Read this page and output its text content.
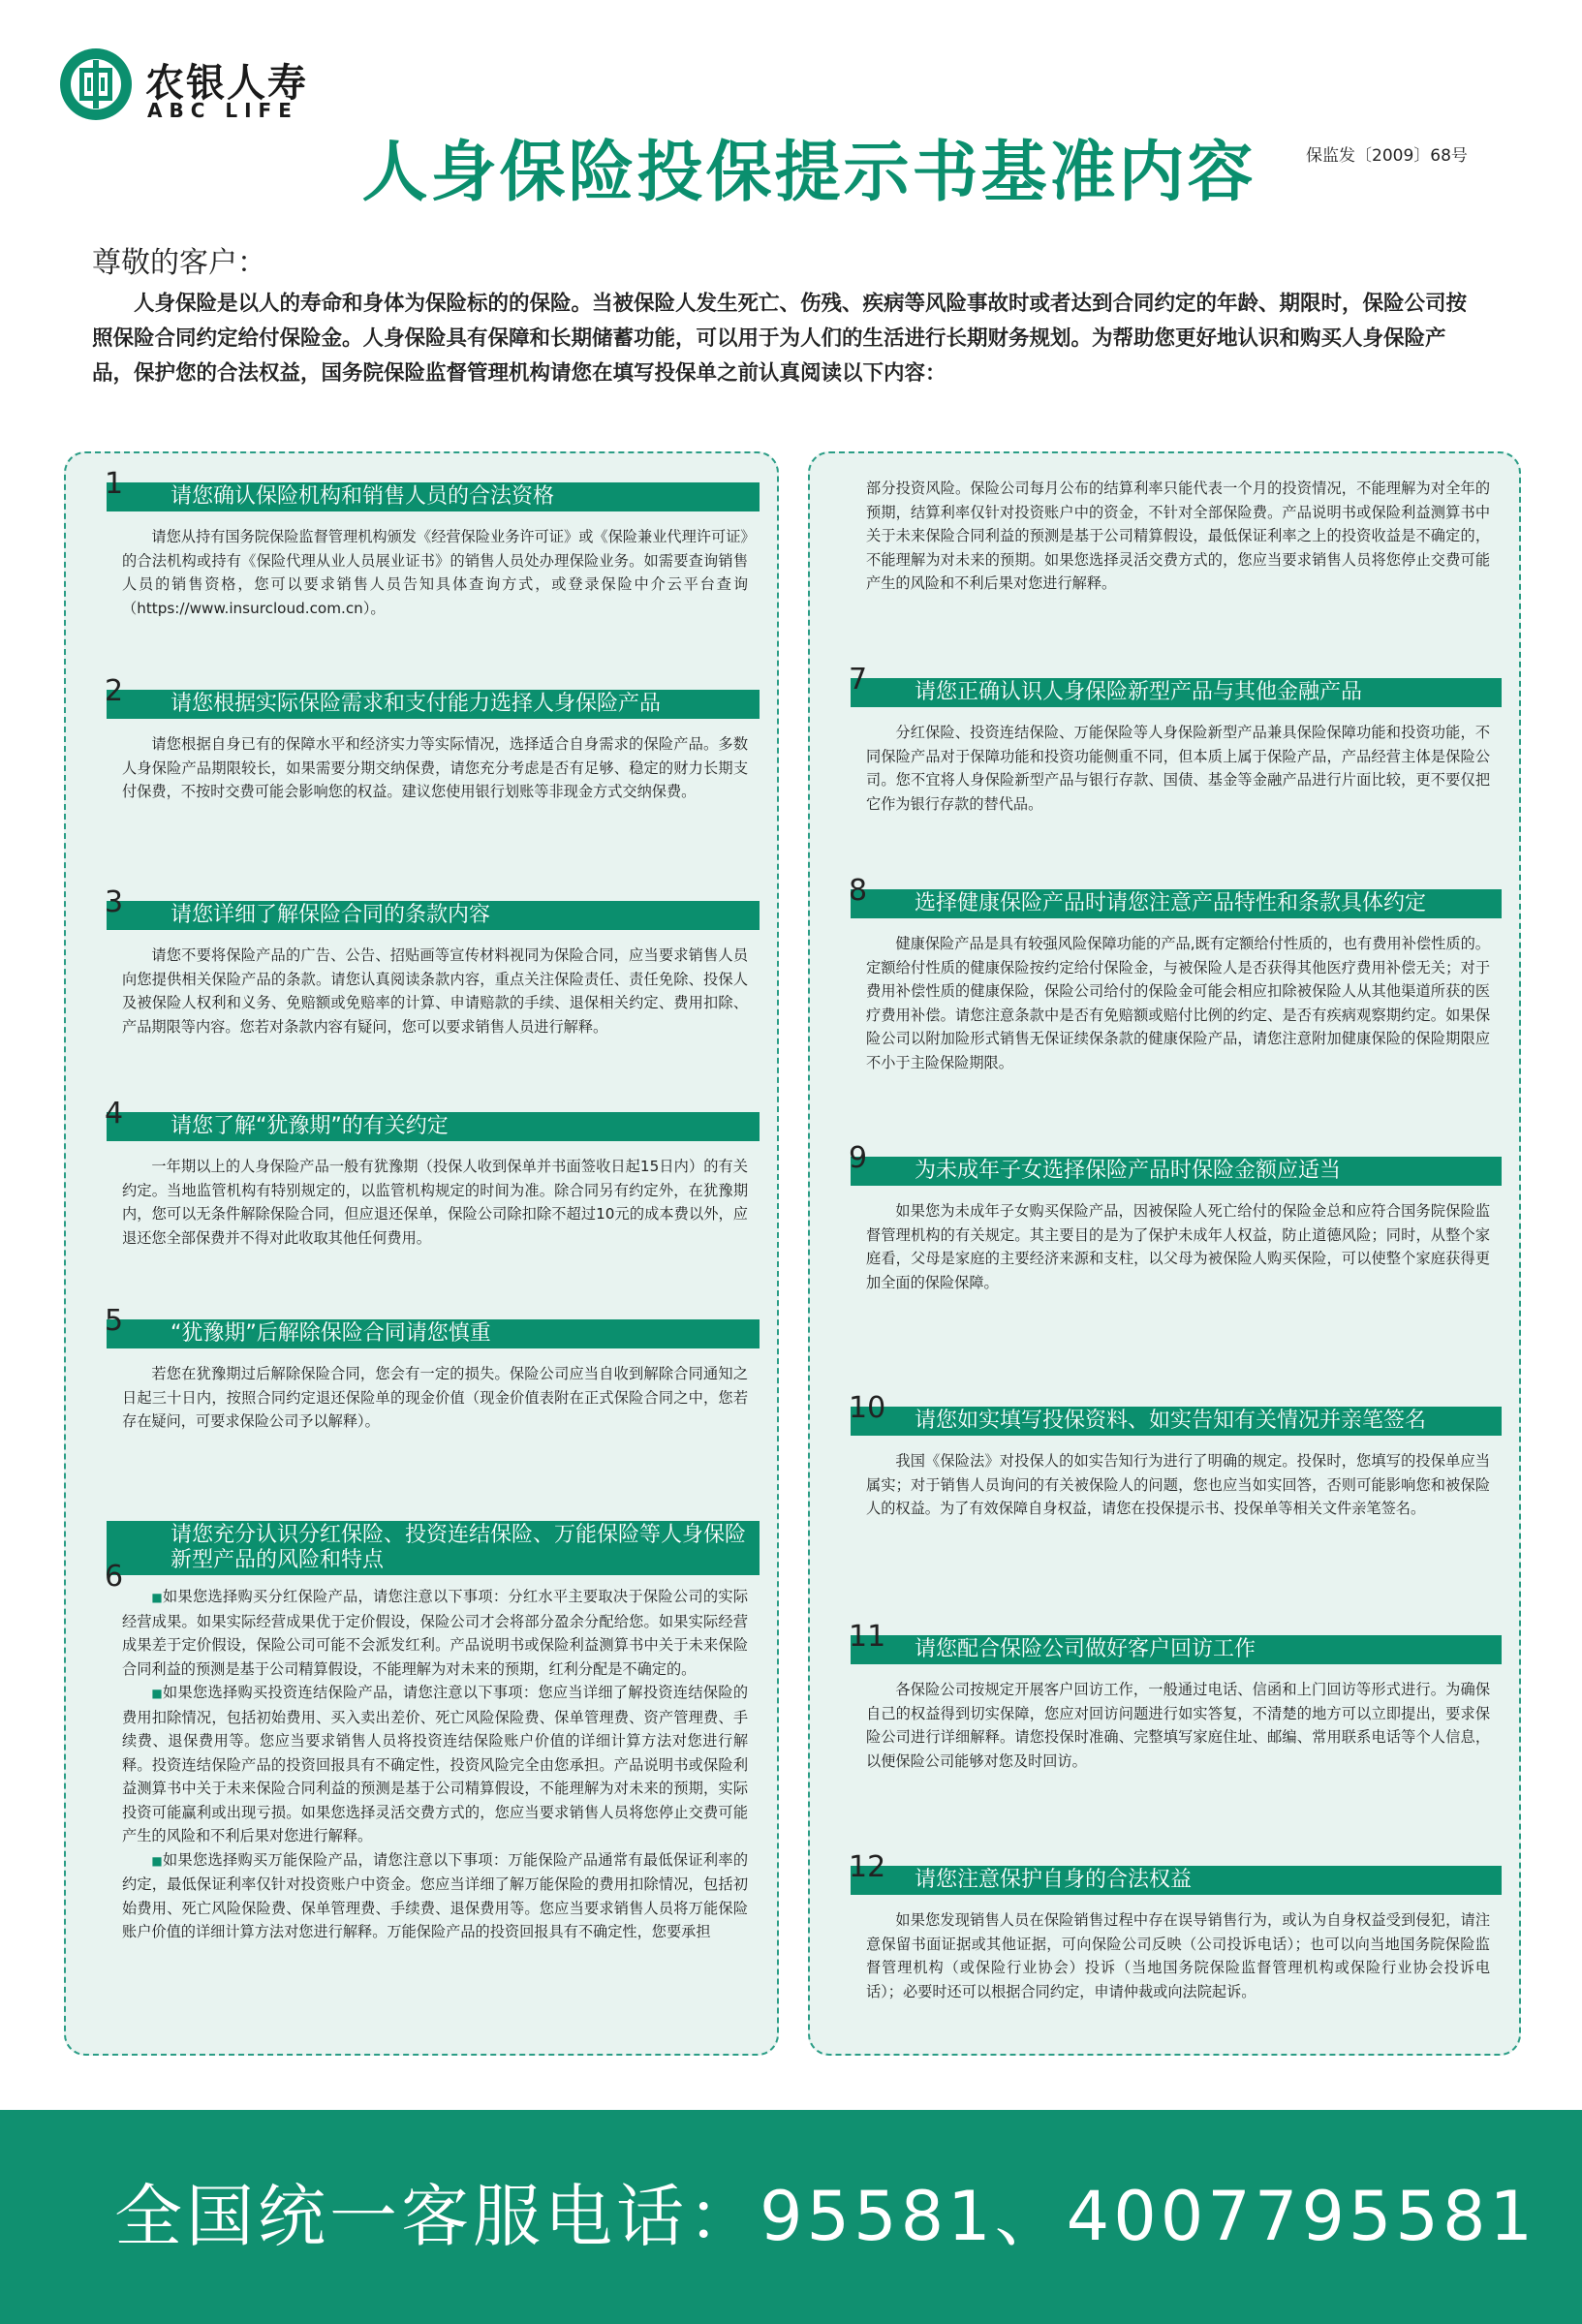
农银人寿
ABC LIFE
人身保险投保提示书基准内容	保监发〔2009〕68号
尊敬的客户：

人身保险是以人的寿命和身体为保险标的的保险。当被保险人发生死亡、伤残、疾病等风险事故时或者达到合同约定的年龄、期限时，保险公司按照保险合同约定给付保险金。人身保险具有保障和长期储蓄功能，可以用于为人们的生活进行长期财务规划。为帮助您更好地认识和购买人身保险产品，保护您的合法权益，国务院保险监督管理机构请您在填写投保单之前认真阅读以下内容：

请您确认保险机构和销售人员的合法资格
1

请您从持有国务院保险监督管理机构颁发《经营保险业务许可证》或《保险兼业代理许可证》的合法机构或持有《保险代理从业人员展业证书》的销售人员处办理保险业务。如需要查询销售人员的销售资格，您可以要求销售人员告知具体查询方式，或登录保险中介云平台查询（https://www.insurcloud.com.cn）。

请您根据实际保险需求和支付能力选择人身保险产品
2

请您根据自身已有的保障水平和经济实力等实际情况，选择适合自身需求的保险产品。多数人身保险产品期限较长，如果需要分期交纳保费，请您充分考虑是否有足够、稳定的财力长期支付保费，不按时交费可能会影响您的权益。建议您使用银行划账等非现金方式交纳保费。

请您详细了解保险合同的条款内容
3

请您不要将保险产品的广告、公告、招贴画等宣传材料视同为保险合同，应当要求销售人员向您提供相关保险产品的条款。请您认真阅读条款内容，重点关注保险责任、责任免除、投保人及被保险人权利和义务、免赔额或免赔率的计算、申请赔款的手续、退保相关约定、费用扣除、产品期限等内容。您若对条款内容有疑问，您可以要求销售人员进行解释。

请您了解“犹豫期”的有关约定
4

一年期以上的人身保险产品一般有犹豫期（投保人收到保单并书面签收日起15日内）的有关约定。当地监管机构有特别规定的，以监管机构规定的时间为准。除合同另有约定外，在犹豫期内，您可以无条件解除保险合同，但应退还保单，保险公司除扣除不超过10元的成本费以外，应退还您全部保费并不得对此收取其他任何费用。

“犹豫期”后解除保险合同请您慎重
5

若您在犹豫期过后解除保险合同，您会有一定的损失。保险公司应当自收到解除合同通知之日起三十日内，按照合同约定退还保险单的现金价值（现金价值表附在正式保险合同之中，您若存在疑问，可要求保险公司予以解释）。

请您充分认识分红保险、投资连结保险、万能保险等人身保险新型产品的风险和特点
6
■如果您选择购买分红保险产品，请您注意以下事项：分红水平主要取决于保险公司的实际经营成果。如果实际经营成果优于定价假设，保险公司才会将部分盈余分配给您。如果实际经营成果差于定价假设，保险公司可能不会派发红利。产品说明书或保险利益测算书中关于未来保险合同利益的预测是基于公司精算假设，不能理解为对未来的预期，红利分配是不确定的。
■如果您选择购买投资连结保险产品，请您注意以下事项：您应当详细了解投资连结保险的费用扣除情况，包括初始费用、买入卖出差价、死亡风险保险费、保单管理费、资产管理费、手续费、退保费用等。您应当要求销售人员将投资连结保险账户价值的详细计算方法对您进行解释。投资连结保险产品的投资回报具有不确定性，投资风险完全由您承担。产品说明书或保险利益测算书中关于未来保险合同利益的预测是基于公司精算假设，不能理解为对未来的预期，实际投资可能赢利或出现亏损。如果您选择灵活交费方式的，您应当要求销售人员将您停止交费可能产生的风险和不利后果对您进行解释。
■如果您选择购买万能保险产品，请您注意以下事项：万能保险产品通常有最低保证利率的约定，最低保证利率仅针对投资账户中资金。您应当详细了解万能保险的费用扣除情况，包括初始费用、死亡风险保险费、保单管理费、手续费、退保费用等。您应当要求销售人员将万能保险账户价值的详细计算方法对您进行解释。万能保险产品的投资回报具有不确定性，您要承担

部分投资风险。保险公司每月公布的结算利率只能代表一个月的投资情况，不能理解为对全年的预期，结算利率仅针对投资账户中的资金，不针对全部保险费。产品说明书或保险利益测算书中关于未来保险合同利益的预测是基于公司精算假设，最低保证利率之上的投资收益是不确定的，不能理解为对未来的预期。如果您选择灵活交费方式的，您应当要求销售人员将您停止交费可能产生的风险和不利后果对您进行解释。

请您正确认识人身保险新型产品与其他金融产品
7

分红保险、投资连结保险、万能保险等人身保险新型产品兼具保险保障功能和投资功能，不同保险产品对于保障功能和投资功能侧重不同，但本质上属于保险产品，产品经营主体是保险公司。您不宜将人身保险新型产品与银行存款、国债、基金等金融产品进行片面比较，更不要仅把它作为银行存款的替代品。

选择健康保险产品时请您注意产品特性和条款具体约定
8

健康保险产品是具有较强风险保障功能的产品,既有定额给付性质的，也有费用补偿性质的。定额给付性质的健康保险按约定给付保险金，与被保险人是否获得其他医疗费用补偿无关；对于费用补偿性质的健康保险，保险公司给付的保险金可能会相应扣除被保险人从其他渠道所获的医疗费用补偿。请您注意条款中是否有免赔额或赔付比例的约定、是否有疾病观察期约定。如果保险公司以附加险形式销售无保证续保条款的健康保险产品，请您注意附加健康保险的保险期限应不小于主险保险期限。

为未成年子女选择保险产品时保险金额应适当
9

如果您为未成年子女购买保险产品，因被保险人死亡给付的保险金总和应符合国务院保险监督管理机构的有关规定。其主要目的是为了保护未成年人权益，防止道德风险；同时，从整个家庭看，父母是家庭的主要经济来源和支柱，以父母为被保险人购买保险，可以使整个家庭获得更加全面的保险保障。

请您如实填写投保资料、如实告知有关情况并亲笔签名
10

我国《保险法》对投保人的如实告知行为进行了明确的规定。投保时，您填写的投保单应当属实；对于销售人员询问的有关被保险人的问题，您也应当如实回答，否则可能影响您和被保险人的权益。为了有效保障自身权益，请您在投保提示书、投保单等相关文件亲笔签名。

请您配合保险公司做好客户回访工作
11

各保险公司按规定开展客户回访工作，一般通过电话、信函和上门回访等形式进行。为确保自己的权益得到切实保障，您应对回访问题进行如实答复，不清楚的地方可以立即提出，要求保险公司进行详细解释。请您投保时准确、完整填写家庭住址、邮编、常用联系电话等个人信息，以便保险公司能够对您及时回访。

请您注意保护自身的合法权益
12

如果您发现销售人员在保险销售过程中存在误导销售行为，或认为自身权益受到侵犯，请注意保留书面证据或其他证据，可向保险公司反映（公司投诉电话）；也可以向当地国务院保险监督管理机构（或保险行业协会）投诉（当地国务院保险监督管理机构或保险行业协会投诉电话）；必要时还可以根据合同约定，申请仲裁或向法院起诉。

全国统一客服电话：95581、4007795581
